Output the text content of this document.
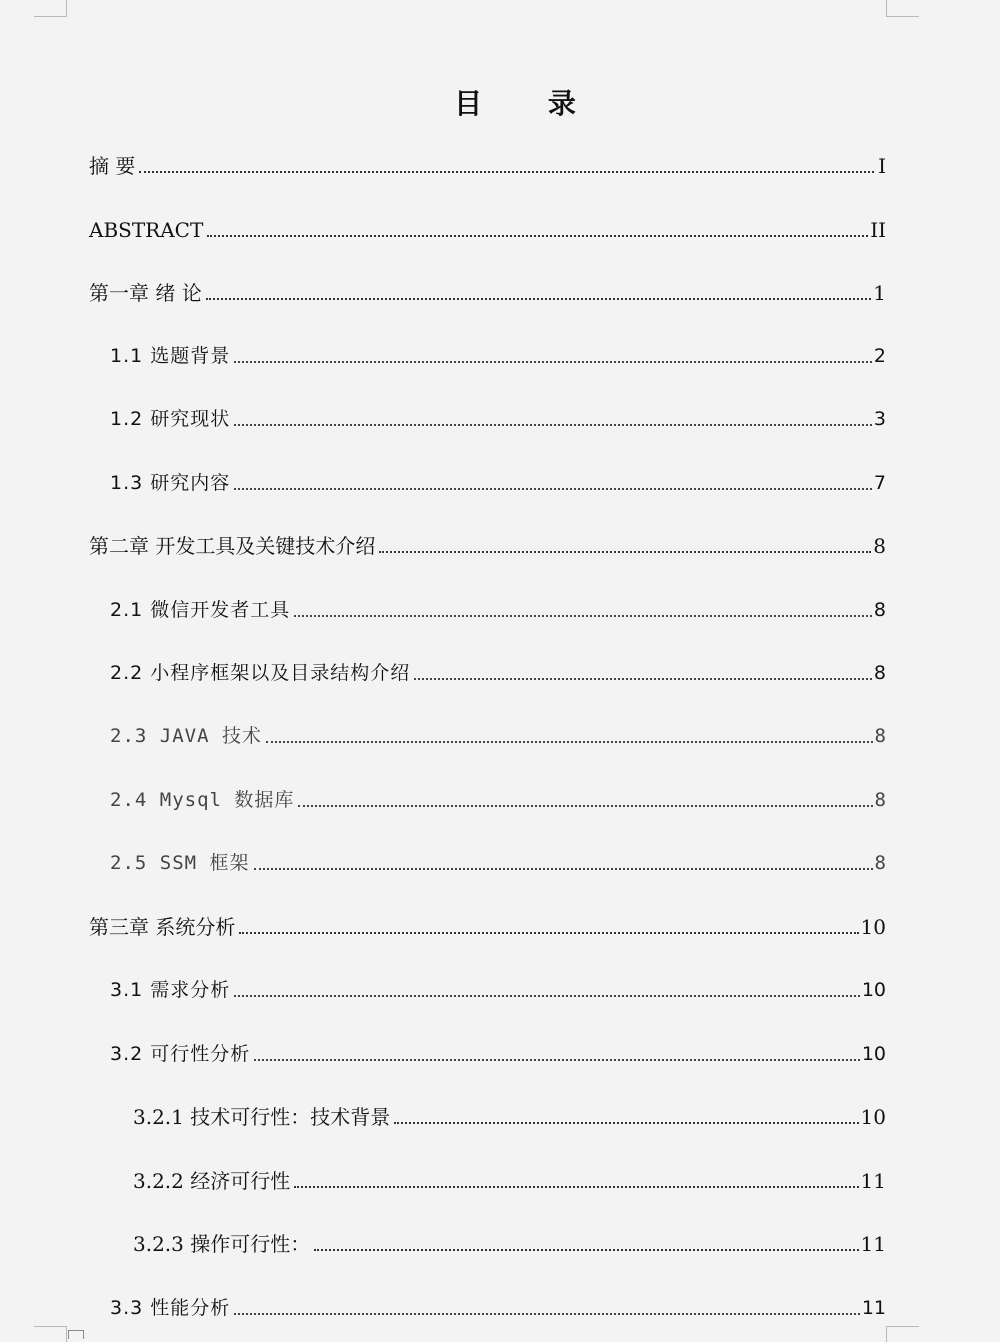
目 录
摘 要	I
ABSTRACT	II
第一章 绪 论	1
1.1 选题背景	2
1.2 研究现状	3
1.3 研究内容	7
第二章 开发工具及关键技术介绍	8
2.1 微信开发者工具	8
2.2 小程序框架以及目录结构介绍	8
2.3 JAVA 技术	8
2.4 Mysql 数据库	8
2.5 SSM 框架	8
第三章 系统分析	10
3.1 需求分析	10
3.2 可行性分析	10
3.2.1 技术可行性：技术背景	10
3.2.2 经济可行性	11
3.2.3 操作可行性：	11
3.3 性能分析	11
